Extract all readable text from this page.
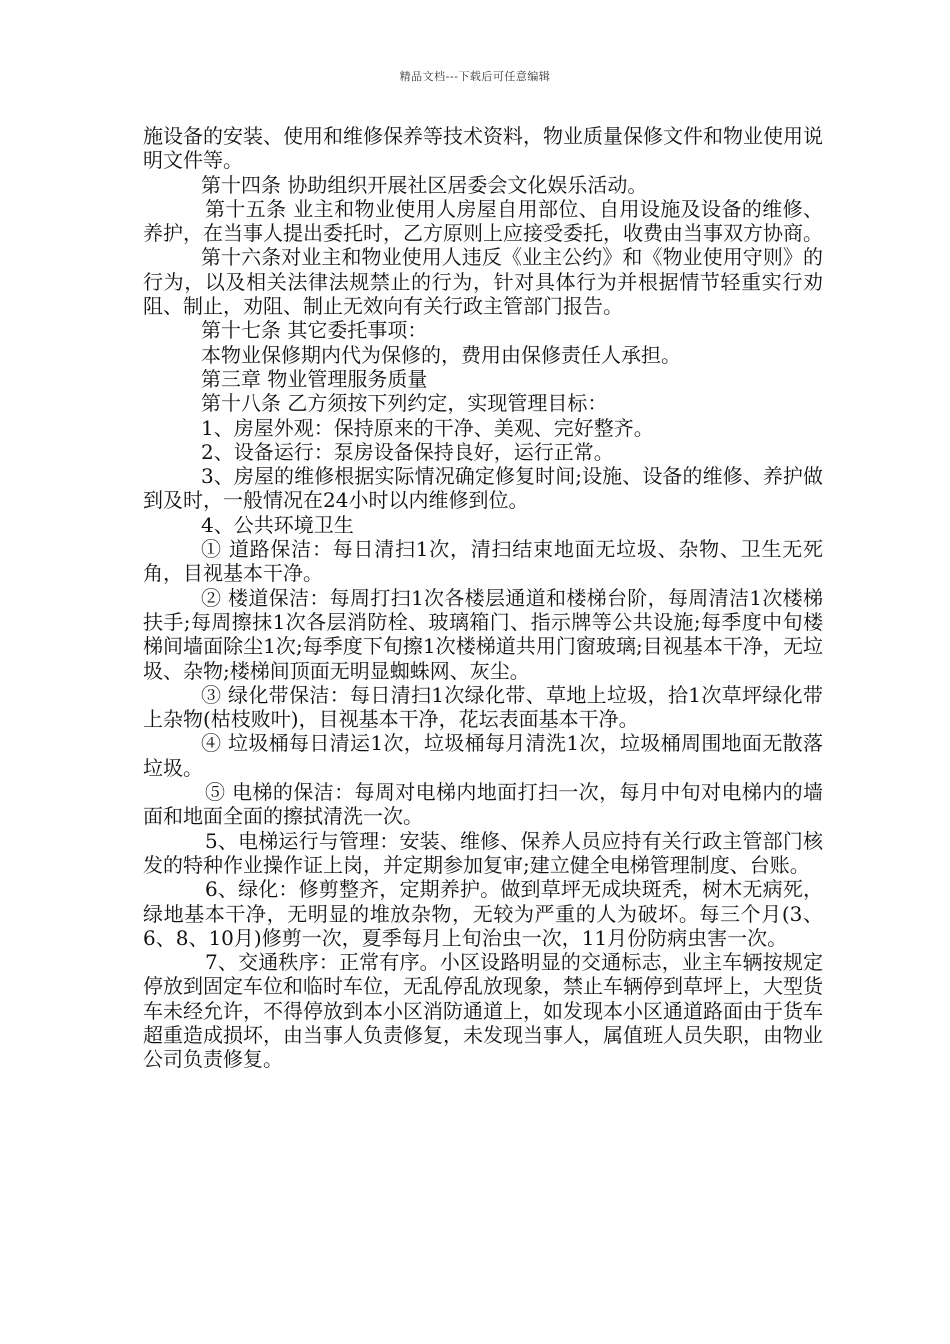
精品文档---下载后可任意编辑

施设备的安装、使用和维修保养等技术资料，物业质量保修文件和物业使用说明文件等。

第十四条 协助组织开展社区居委会文化娱乐活动。

第十五条 业主和物业使用人房屋自用部位、自用设施及设备的维修、养护，在当事人提出委托时，乙方原则上应接受委托，收费由当事双方协商。

第十六条对业主和物业使用人违反《业主公约》和《物业使用守则》的行为，以及相关法律法规禁止的行为，针对具体行为并根据情节轻重实行劝阻、制止，劝阻、制止无效向有关行政主管部门报告。

第十七条 其它委托事项：

本物业保修期内代为保修的，费用由保修责任人承担。

第三章 物业管理服务质量

第十八条 乙方须按下列约定，实现管理目标：

1、房屋外观：保持原来的干净、美观、完好整齐。

2、设备运行：泵房设备保持良好，运行正常。

3、房屋的维修根据实际情况确定修复时间;设施、设备的维修、养护做到及时，一般情况在24小时以内维修到位。

4、公共环境卫生

① 道路保洁：每日清扫1次，清扫结束地面无垃圾、杂物、卫生无死角，目视基本干净。

② 楼道保洁：每周打扫1次各楼层通道和楼梯台阶，每周清洁1次楼梯扶手;每周擦抹1次各层消防栓、玻璃箱门、指示牌等公共设施;每季度中旬楼梯间墙面除尘1次;每季度下旬擦1次楼梯道共用门窗玻璃;目视基本干净，无垃圾、杂物;楼梯间顶面无明显蜘蛛网、灰尘。

③ 绿化带保洁：每日清扫1次绿化带、草地上垃圾，拾1次草坪绿化带上杂物(枯枝败叶)，目视基本干净，花坛表面基本干净。

④ 垃圾桶每日清运1次，垃圾桶每月清洗1次，垃圾桶周围地面无散落垃圾。

⑤ 电梯的保洁：每周对电梯内地面打扫一次，每月中旬对电梯内的墙面和地面全面的擦拭清洗一次。

5、电梯运行与管理：安装、维修、保养人员应持有关行政主管部门核发的特种作业操作证上岗，并定期参加复审;建立健全电梯管理制度、台账。

6、绿化：修剪整齐，定期养护。做到草坪无成块斑秃，树木无病死，绿地基本干净，无明显的堆放杂物，无较为严重的人为破坏。每三个月(3、6、8、10月)修剪一次，夏季每月上旬治虫一次，11月份防病虫害一次。

7、交通秩序：正常有序。小区设路明显的交通标志，业主车辆按规定停放到固定车位和临时车位，无乱停乱放现象，禁止车辆停到草坪上，大型货车未经允许，不得停放到本小区消防通道上，如发现本小区通道路面由于货车超重造成损坏，由当事人负责修复，未发现当事人，属值班人员失职，由物业公司负责修复。
